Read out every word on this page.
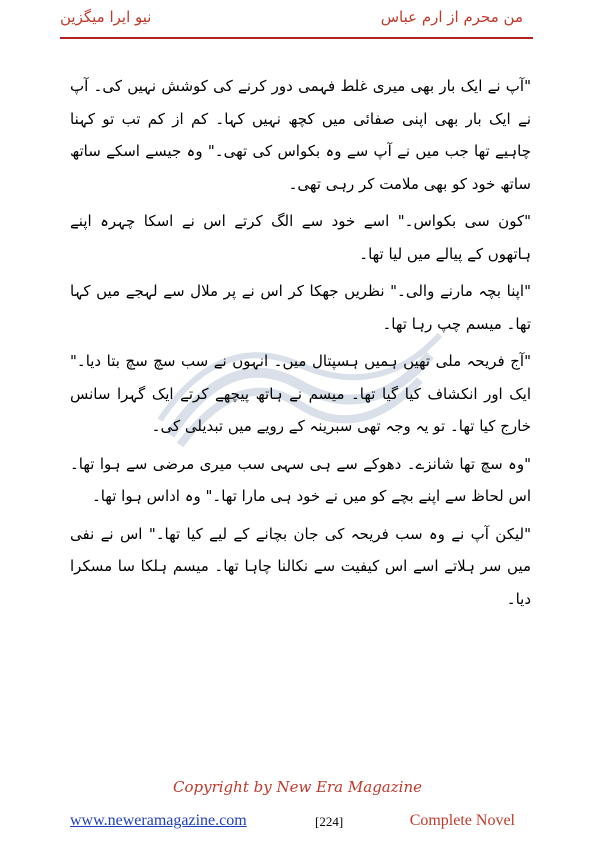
نیو ایرا میگزین	من محرم از ارم عباس

"آپ نے ایک بار بھی میری غلط فہمی دور کرنے کی کوشش نہیں کی۔ آپ نے ایک بار بھی اپنی صفائی میں کچھ نہیں کہا۔ کم از کم تب تو کہنا چاہیے تھا جب میں نے آپ سے وہ بکواس کی تھی۔" وہ جیسے اسکے ساتھ ساتھ خود کو بھی ملامت کر رہی تھی۔

"کون سی بکواس۔" اسے خود سے الگ کرتے اس نے اسکا چہرہ اپنے ہاتھوں کے پیالے میں لیا تھا۔

"اپنا بچہ مارنے والی۔" نظریں جھکا کر اس نے پر ملال سے لہجے میں کہا تھا۔ میسم چپ رہا تھا۔

"آج فریحہ ملی تھیں ہمیں ہسپتال میں۔ انہوں نے سب سچ سچ بتا دیا۔" ایک اور انکشاف کیا گیا تھا۔ میسم نے ہاتھ پیچھے کرتے ایک گہرا سانس خارج کیا تھا۔ تو یہ وجہ تھی سبرینہ کے رویے میں تبدیلی کی۔

"وہ سچ تھا شانزے۔ دھوکے سے ہی سہی سب میری مرضی سے ہوا تھا۔ اس لحاظ سے اپنے بچے کو میں نے خود ہی مارا تھا۔" وہ اداس ہوا تھا۔

"لیکن آپ نے وہ سب فریحہ کی جان بچانے کے لیے کیا تھا۔" اس نے نفی میں سر ہلاتے اسے اس کیفیت سے نکالنا چاہا تھا۔ میسم ہلکا سا مسکرا دیا۔

Copyright by New Era Magazine
www.neweramagazine.com	[224]	Complete Novel
